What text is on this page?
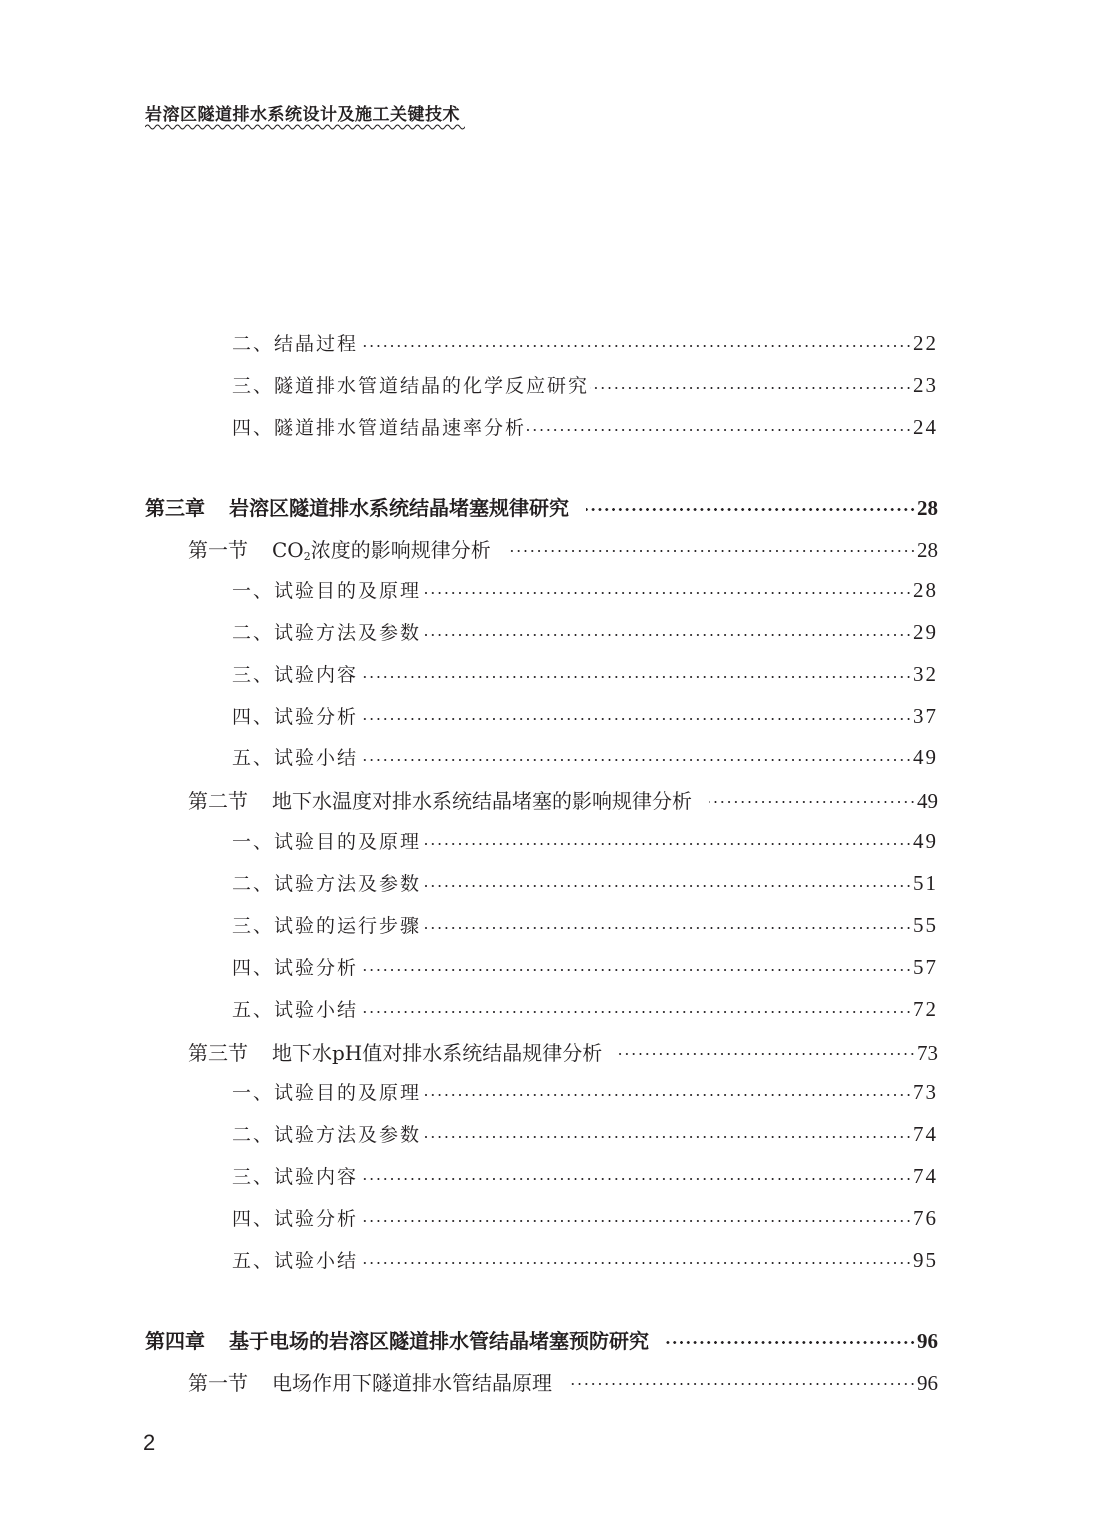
岩溶区隧道排水系统设计及施工关键技术
二、结晶过程	22
三、隧道排水管道结晶的化学反应研究	23
四、隧道排水管道结晶速率分析	24
第三章 岩溶区隧道排水系统结晶堵塞规律研究	28
第一节 $CO_2$浓度的影响规律分析	28
一、试验目的及原理	28
二、试验方法及参数	29
三、试验内容	32
四、试验分析	37
五、试验小结	49
第二节 地下水温度对排水系统结晶堵塞的影响规律分析	49
一、试验目的及原理	49
二、试验方法及参数	51
三、试验的运行步骤	55
四、试验分析	57
五、试验小结	72
第三节 地下水pH值对排水系统结晶规律分析	73
一、试验目的及原理	73
二、试验方法及参数	74
三、试验内容	74
四、试验分析	76
五、试验小结	95
第四章 基于电场的岩溶区隧道排水管结晶堵塞预防研究	96
第一节 电场作用下隧道排水管结晶原理	96
2
